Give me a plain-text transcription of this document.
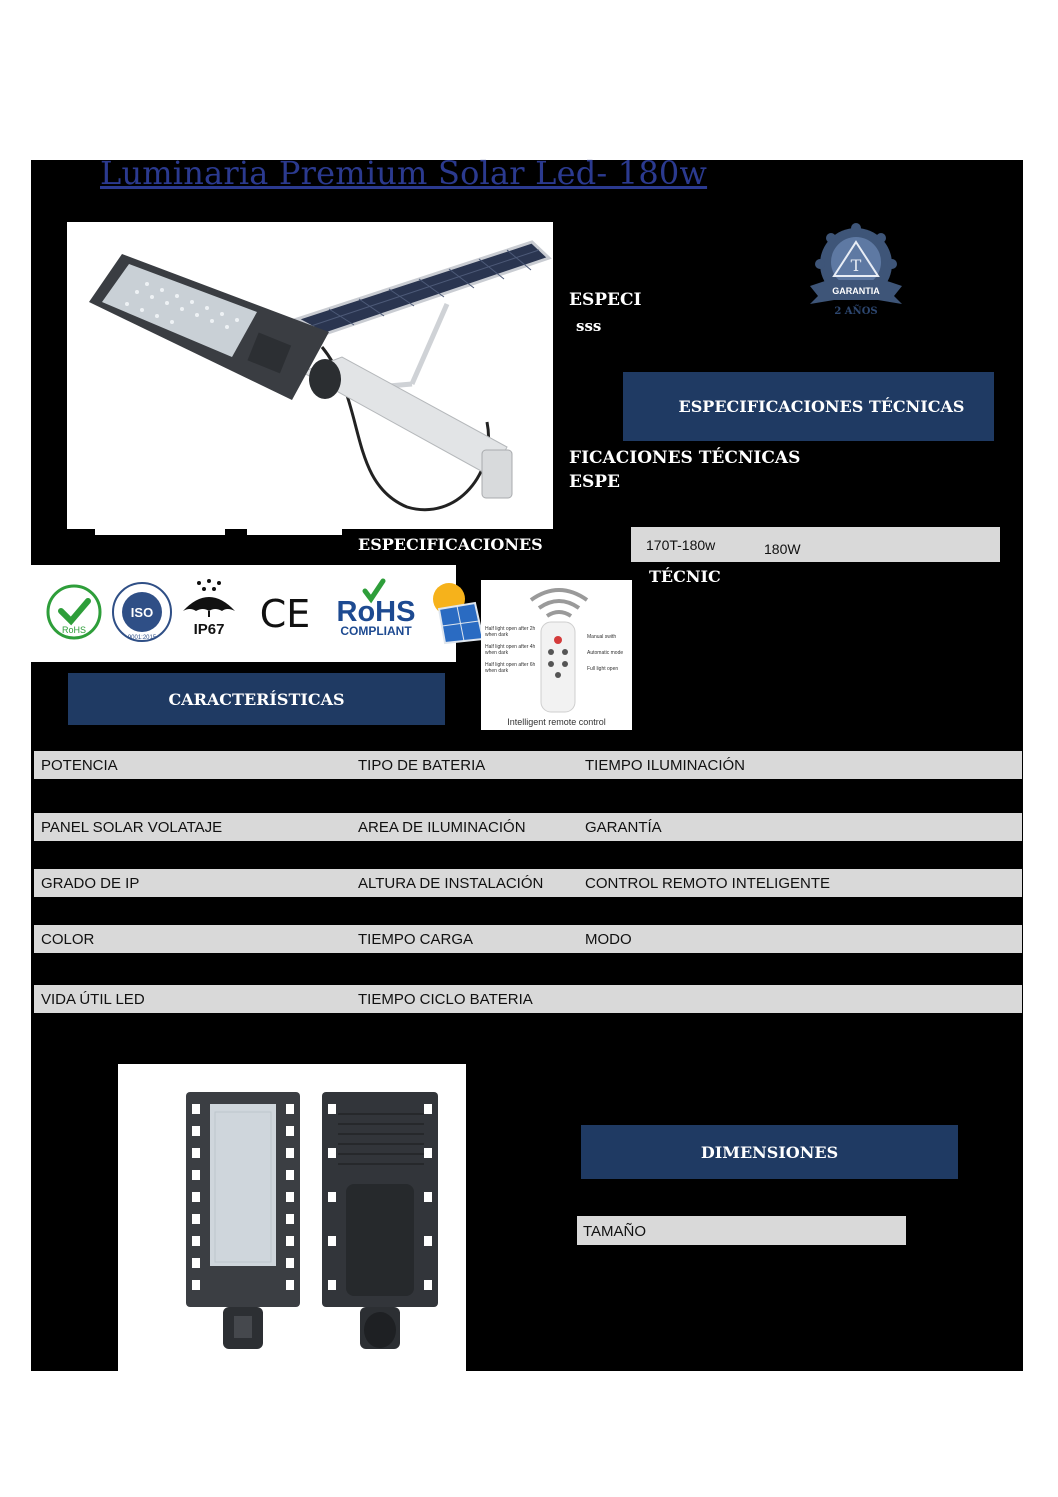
Luminaria Premium Solar Led- 180w
ESPECI
sss
FICACIONES TÉCNICAS
ESPE
ESPECIFICACIONES
TÉCNIC
T
GARANTIA
2 AÑOS
ESPECIFICACIONES TÉCNICAS
170T-180w	180W
RoHS
ISO
9001:2015 IP67 CE RoHS
COMPLIANT	Half light open after 2h when dark
Half light open after 4h when dark
Half light open after 6h when dark
Manual swith
Automatic mode
Full light open
Intelligent remote control
CARACTERÍSTICAS
POTENCIA	TIPO DE BATERIA	TIEMPO ILUMINACIÓN
PANEL SOLAR VOLATAJE	AREA DE ILUMINACIÓN	GARANTÍA
GRADO DE IP	ALTURA DE INSTALACIÓN	CONTROL REMOTO INTELIGENTE
COLOR	TIEMPO CARGA	MODO
VIDA ÚTIL LED	TIEMPO CICLO BATERIA
DIMENSIONES
TAMAÑO
